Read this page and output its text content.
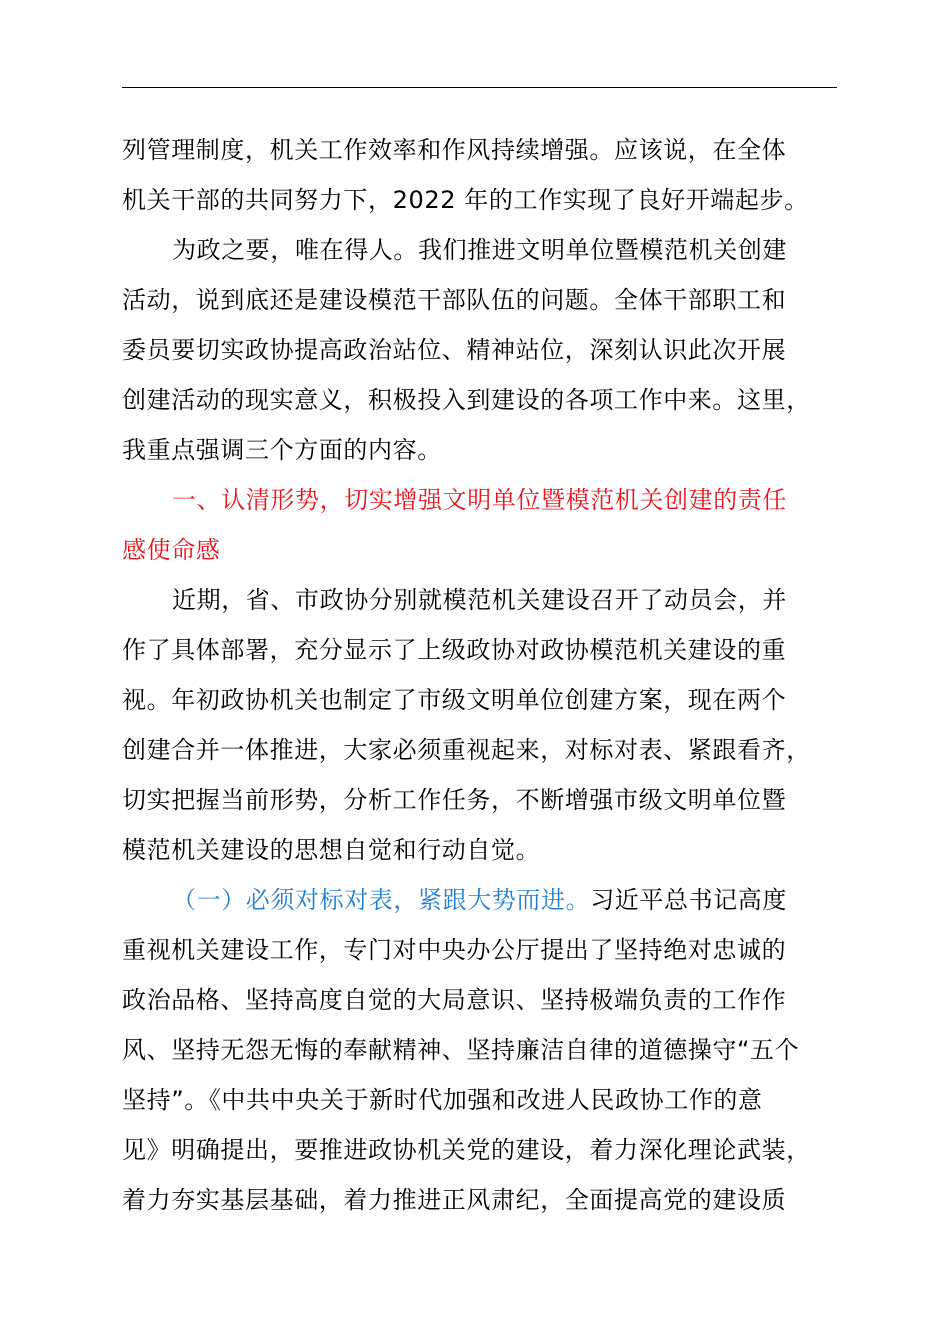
列管理制度，机关工作效率和作风持续增强。应该说，在全体
机关干部的共同努力下，2022 年的工作实现了良好开端起步。
为政之要，唯在得人。我们推进文明单位暨模范机关创建
活动，说到底还是建设模范干部队伍的问题。全体干部职工和
委员要切实政协提高政治站位、精神站位，深刻认识此次开展
创建活动的现实意义，积极投入到建设的各项工作中来。这里，
我重点强调三个方面的内容。
一、认清形势，切实增强文明单位暨模范机关创建的责任
感使命感
近期，省、市政协分别就模范机关建设召开了动员会，并
作了具体部署，充分显示了上级政协对政协模范机关建设的重
视。年初政协机关也制定了市级文明单位创建方案，现在两个
创建合并一体推进，大家必须重视起来，对标对表、紧跟看齐，
切实把握当前形势，分析工作任务，不断增强市级文明单位暨
模范机关建设的思想自觉和行动自觉。
（一）必须对标对表，紧跟大势而进。习近平总书记高度
重视机关建设工作，专门对中央办公厅提出了坚持绝对忠诚的
政治品格、坚持高度自觉的大局意识、坚持极端负责的工作作
风、坚持无怨无悔的奉献精神、坚持廉洁自律的道德操守“五个
坚持”。《中共中央关于新时代加强和改进人民政协工作的意
见》明确提出，要推进政协机关党的建设，着力深化理论武装，
着力夯实基层基础，着力推进正风肃纪，全面提高党的建设质
